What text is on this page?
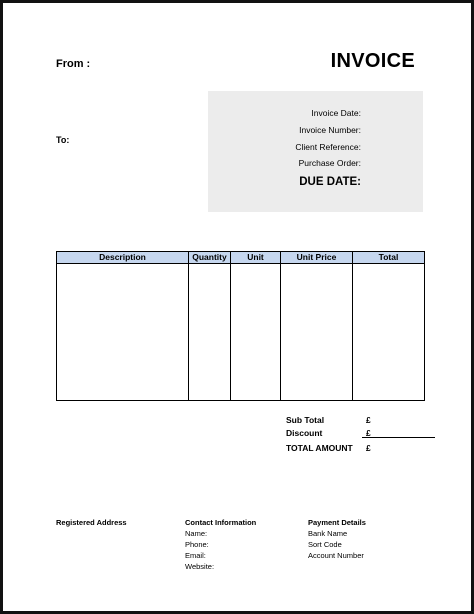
From :
To:
INVOICE
Invoice Date:
Invoice Number:
Client Reference:
Purchase Order:
DUE DATE:
Description	Quantity	Unit	Unit Price	Total

Sub Total	£
Discount	£
TOTAL AMOUNT £
Registered Address	Contact Information
Name:
Phone:
Email:
Website:
Payment Details
Bank Name
Sort Code
Account Number
